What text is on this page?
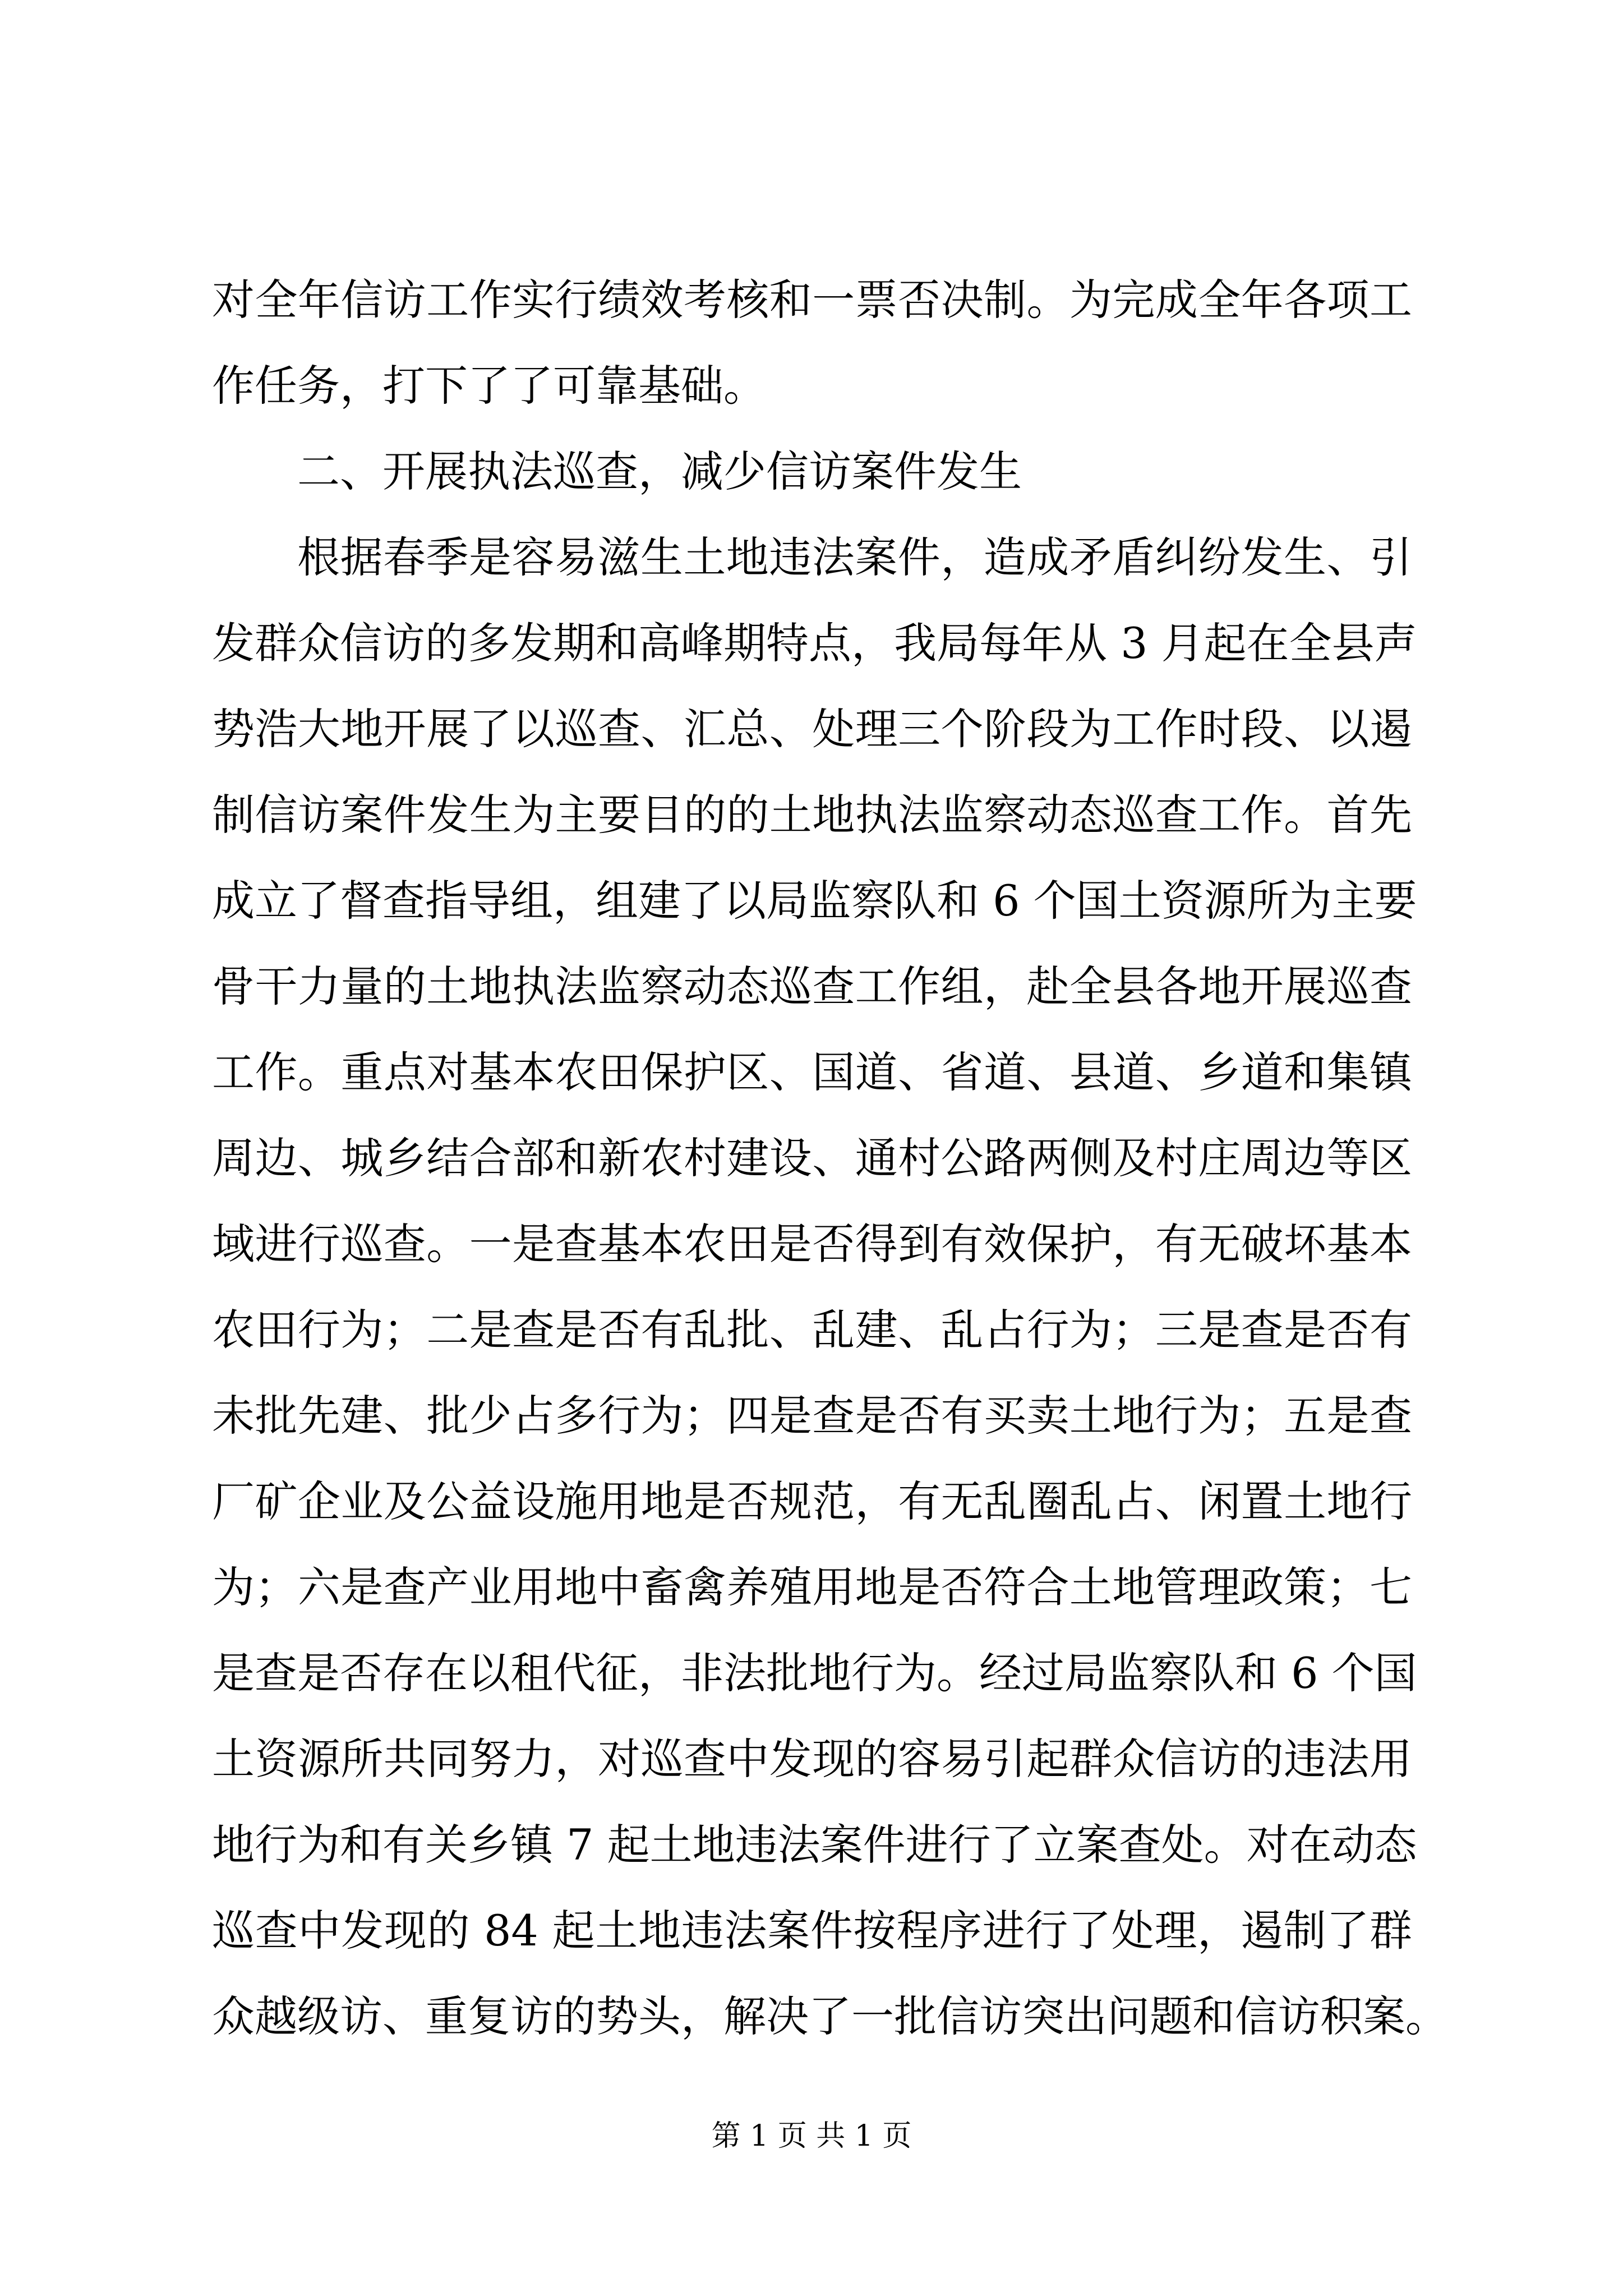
对全年信访工作实行绩效考核和一票否决制。为完成全年各项工
作任务，打下了了可靠基础。
二、开展执法巡查，减少信访案件发生
根据春季是容易滋生土地违法案件，造成矛盾纠纷发生、引
发群众信访的多发期和高峰期特点，我局每年从 3 月起在全县声
势浩大地开展了以巡查、汇总、处理三个阶段为工作时段、以遏
制信访案件发生为主要目的的土地执法监察动态巡查工作。首先
成立了督查指导组，组建了以局监察队和 6 个国土资源所为主要
骨干力量的土地执法监察动态巡查工作组，赴全县各地开展巡查
工作。重点对基本农田保护区、国道、省道、县道、乡道和集镇
周边、城乡结合部和新农村建设、通村公路两侧及村庄周边等区
域进行巡查。一是查基本农田是否得到有效保护，有无破坏基本
农田行为；二是查是否有乱批、乱建、乱占行为；三是查是否有
未批先建、批少占多行为；四是查是否有买卖土地行为；五是查
厂矿企业及公益设施用地是否规范，有无乱圈乱占、闲置土地行
为；六是查产业用地中畜禽养殖用地是否符合土地管理政策；七
是查是否存在以租代征，非法批地行为。经过局监察队和 6 个国
土资源所共同努力，对巡查中发现的容易引起群众信访的违法用
地行为和有关乡镇 7 起土地违法案件进行了立案查处。对在动态
巡查中发现的 84 起土地违法案件按程序进行了处理，遏制了群
众越级访、重复访的势头，解决了一批信访突出问题和信访积案。
第 1 页 共 1 页
